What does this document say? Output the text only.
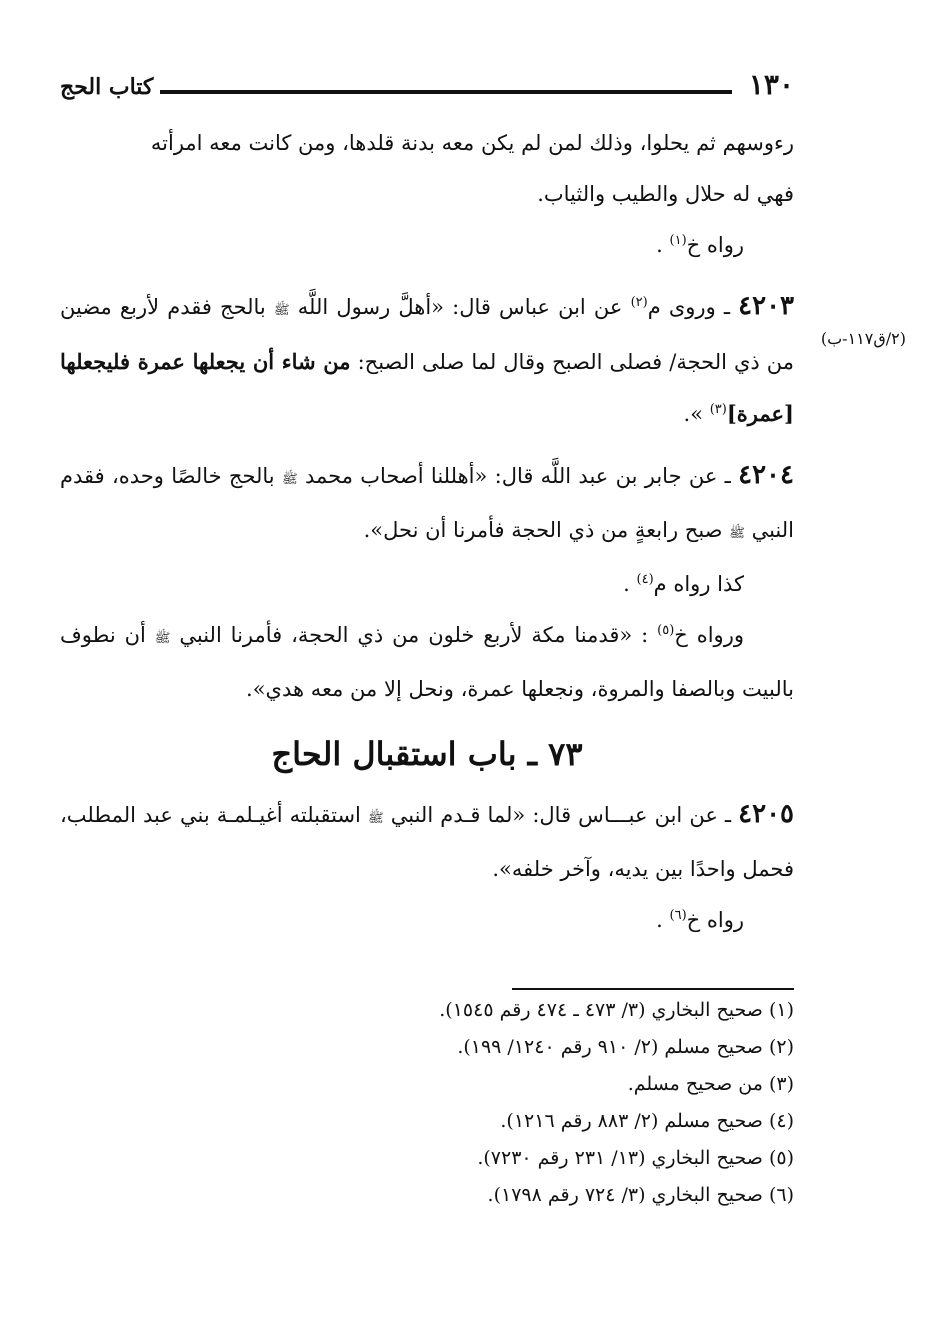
١٣٠
كتاب الحج
(٢/ق١١٧-ب)

رءوسهم ثم يحلوا، وذلك لمن لم يكن معه بدنة قلدها، ومن كانت معه امرأته
فهي له حلال والطيب والثياب.

رواه خ$^{(١)}$ .

٤٢٠٣ ـ وروى م$^{(٢)}$ عن ابن عباس قال: «أهلَّ رسول اللَّه ﷺ بالحج فقدم لأربع مضين من ذي الحجة/ فصلى الصبح وقال لما صلى الصبح: من شاء أن يجعلها عمرة فليجعلها [عمرة]$^{(٣)}$ ».

٤٢٠٤ ـ عن جابر بن عبد اللَّه قال: «أهللنا أصحاب محمد ﷺ بالحج خالصًا وحده، فقدم النبي ﷺ صبح رابعةٍ من ذي الحجة فأمرنا أن نحل».

كذا رواه م$^{(٤)}$ .

ورواه خ$^{(٥)}$ : «قدمنا مكة لأربع خلون من ذي الحجة، فأمرنا النبي ﷺ أن نطوف بالبيت وبالصفا والمروة، ونجعلها عمرة، ونحل إلا من معه هدي».

٧٣ ـ باب استقبال الحاج

٤٢٠٥ ـ عن ابن عبـــاس قال: «لما قـدم النبي ﷺ استقبلته أغيـلمـة بني عبد المطلب، فحمل واحدًا بين يديه، وآخر خلفه».

رواه خ$^{(٦)}$ .

(١) صحيح البخاري (٣/ ٤٧٣ ـ ٤٧٤ رقم ١٥٤٥).
(٢) صحيح مسلم (٢/ ٩١٠ رقم ١٢٤٠/ ١٩٩).
(٣) من صحيح مسلم.
(٤) صحيح مسلم (٢/ ٨٨٣ رقم ١٢١٦).
(٥) صحيح البخاري (١٣/ ٢٣١ رقم ٧٢٣٠).
(٦) صحيح البخاري (٣/ ٧٢٤ رقم ١٧٩٨).
